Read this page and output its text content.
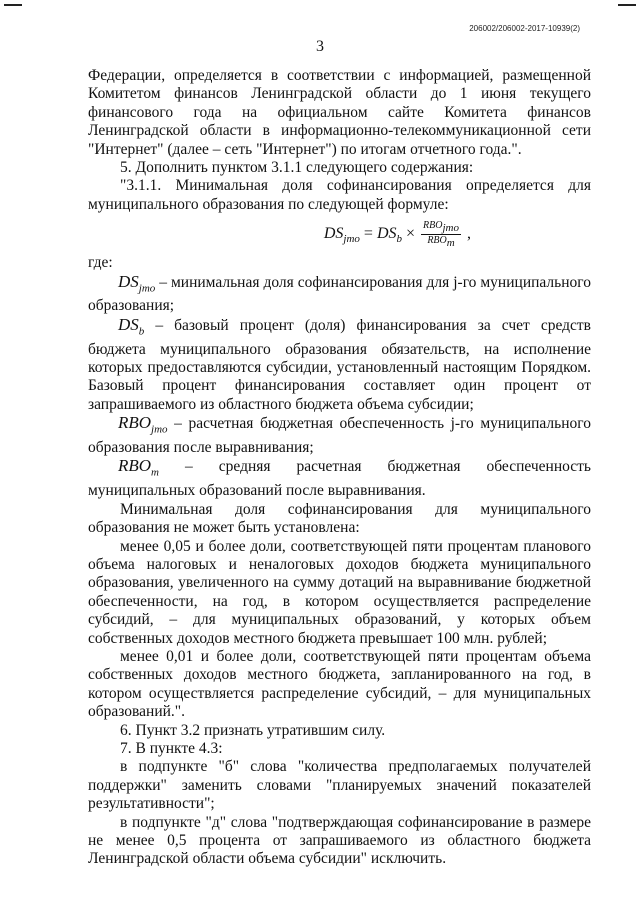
206002/206002-2017-10939(2)
3

Федерации, определяется в соответствии с информацией, размещенной Комитетом финансов Ленинградской области до 1 июня текущего финансового года на официальном сайте Комитета финансов Ленинградской области в информационно-телекоммуникационной сети "Интернет" (далее – сеть "Интернет") по итогам отчетного года.".

5. Дополнить пунктом 3.1.1 следующего содержания:

"3.1.1. Минимальная доля софинансирования определяется для муниципального образования по следующей формуле:

$DS_{jmo} = DS_b \times \frac{RBO_{jmo}}{RBO_m}$ ,

где:

$DS_{jmo}$ – минимальная доля софинансирования для j-го муниципального образования;

$DS_b$ – базовый процент (доля) финансирования за счет средств бюджета муниципального образования обязательств, на исполнение которых предоставляются субсидии, установленный настоящим Порядком. Базовый процент финансирования составляет один процент от запрашиваемого из областного бюджета объема субсидии;

$RBO_{jmo}$ – расчетная бюджетная обеспеченность j-го муниципального образования после выравнивания;

$RBO_m$ – средняя расчетная бюджетная обеспеченность муниципальных образований после выравнивания.

Минимальная доля софинансирования для муниципального образования не может быть установлена:

менее 0,05 и более доли, соответствующей пяти процентам планового объема налоговых и неналоговых доходов бюджета муниципального образования, увеличенного на сумму дотаций на выравнивание бюджетной обеспеченности, на год, в котором осуществляется распределение субсидий, – для муниципальных образований, у которых объем собственных доходов местного бюджета превышает 100 млн. рублей;

менее 0,01 и более доли, соответствующей пяти процентам объема собственных доходов местного бюджета, запланированного на год, в котором осуществляется распределение субсидий, – для муниципальных образований.".

6. Пункт 3.2 признать утратившим силу.

7. В пункте 4.3:

в подпункте "б" слова "количества предполагаемых получателей поддержки" заменить словами "планируемых значений показателей результативности";

в подпункте "д" слова "подтверждающая софинансирование в размере не менее 0,5 процента от запрашиваемого из областного бюджета Ленинградской области объема субсидии" исключить.
